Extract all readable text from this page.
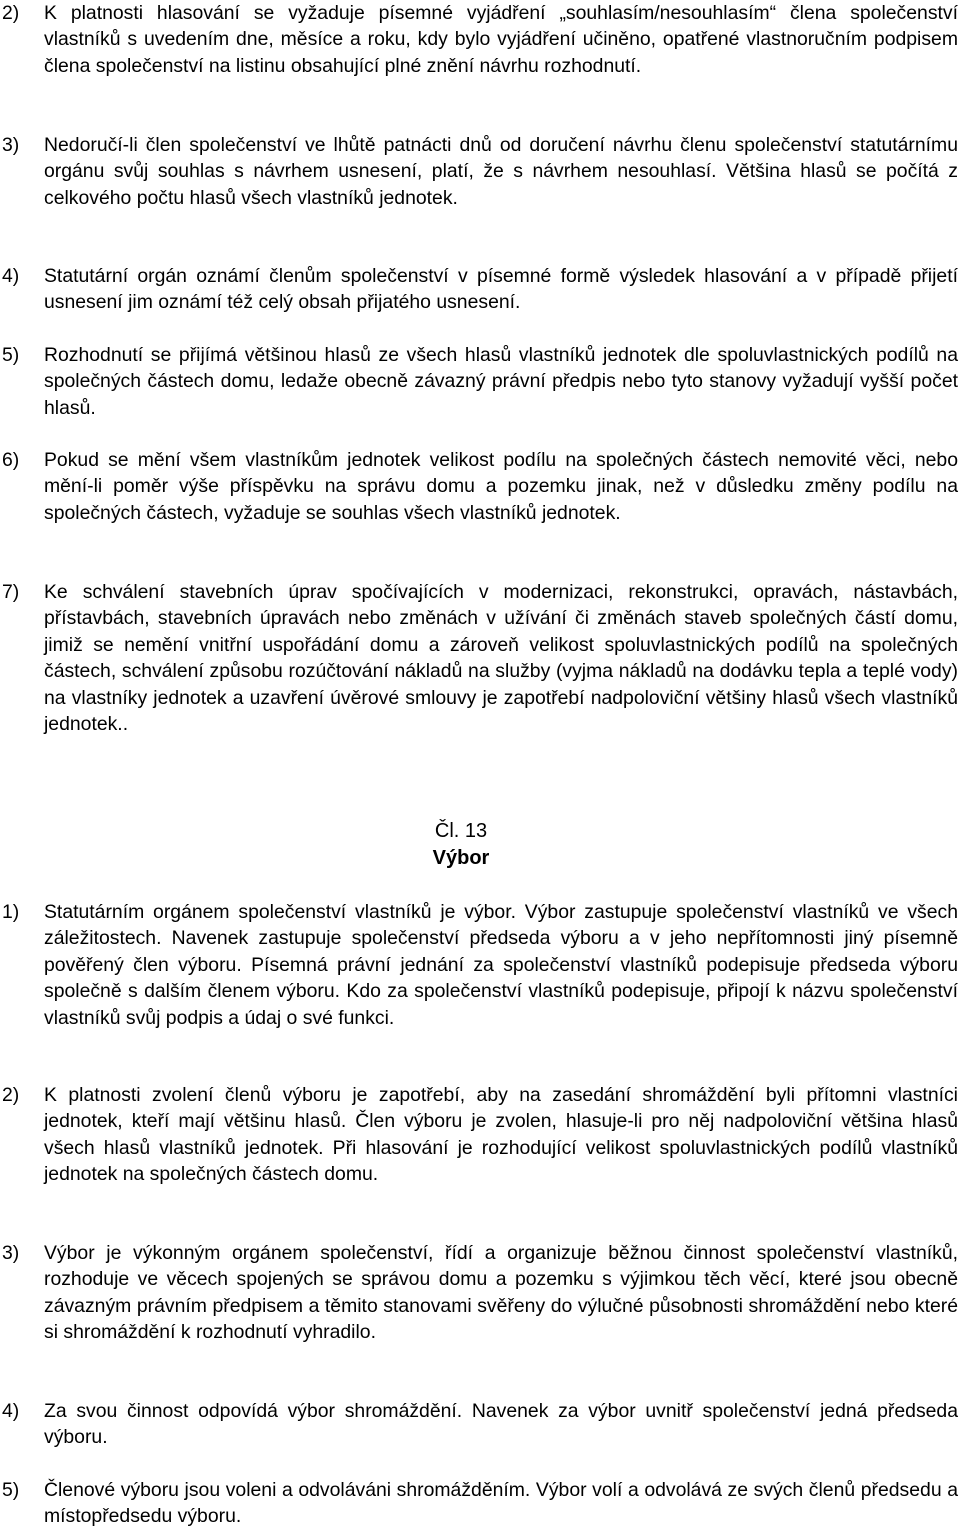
2) K platnosti hlasování se vyžaduje písemné vyjádření „souhlasím/nesouhlasím“ člena společenství vlastníků s uvedením dne, měsíce a roku, kdy bylo vyjádření učiněno, opatřené vlastnoručním podpisem člena společenství na listinu obsahující plné znění návrhu rozhodnutí.
3) Nedoručí-li člen společenství ve lhůtě patnácti dnů od doručení návrhu členu společenství statutárnímu orgánu svůj souhlas s návrhem usnesení, platí, že s návrhem nesouhlasí. Většina hlasů se počítá z celkového počtu hlasů všech vlastníků jednotek.
4) Statutární orgán oznámí členům společenství v písemné formě výsledek hlasování a v případě přijetí usnesení jim oznámí též celý obsah přijatého usnesení.
5) Rozhodnutí se přijímá většinou hlasů ze všech hlasů vlastníků jednotek dle spoluvlastnických podílů na společných částech domu, ledaže obecně závazný právní předpis nebo tyto stanovy vyžadují vyšší počet hlasů.
6) Pokud se mění všem vlastníkům jednotek velikost podílu na společných částech nemovité věci, nebo mění-li poměr výše příspěvku na správu domu a pozemku jinak, než v důsledku změny podílu na společných částech, vyžaduje se souhlas všech vlastníků jednotek.
7) Ke schválení stavebních úprav spočívajících v modernizaci, rekonstrukci, opravách, nástavbách, přístavbách, stavebních úpravách nebo změnách v užívání či změnách staveb společných částí domu, jimiž se nemění vnitřní uspořádání domu a zároveň velikost spoluvlastnických podílů na společných částech, schválení způsobu rozúčtování nákladů na služby (vyjma nákladů na dodávku tepla a teplé vody) na vlastníky jednotek a uzavření úvěrové smlouvy je zapotřebí nadpoloviční většiny hlasů všech vlastníků jednotek..
Čl. 13
Výbor
1) Statutárním orgánem společenství vlastníků je výbor. Výbor zastupuje společenství vlastníků ve všech záležitostech. Navenek zastupuje společenství předseda výboru a v jeho nepřítomnosti jiný písemně pověřený člen výboru. Písemná právní jednání za společenství vlastníků podepisuje předseda výboru společně s dalším členem výboru. Kdo za společenství vlastníků podepisuje, připojí k názvu společenství vlastníků svůj podpis a údaj o své funkci.
2) K platnosti zvolení členů výboru je zapotřebí, aby na zasedání shromáždění byli přítomni vlastníci jednotek, kteří mají většinu hlasů. Člen výboru je zvolen, hlasuje-li pro něj nadpoloviční většina hlasů všech hlasů vlastníků jednotek. Při hlasování je rozhodující velikost spoluvlastnických podílů vlastníků jednotek na společných částech domu.
3) Výbor je výkonným orgánem společenství, řídí a organizuje běžnou činnost společenství vlastníků, rozhoduje ve věcech spojených se správou domu a pozemku s výjimkou těch věcí, které jsou obecně závazným právním předpisem a těmito stanovami svěřeny do výlučné působnosti shromáždění nebo které si shromáždění k rozhodnutí vyhradilo.
4) Za svou činnost odpovídá výbor shromáždění. Navenek za výbor uvnitř společenství jedná předseda výboru.
5) Členové výboru jsou voleni a odvoláváni shromážděním. Výbor volí a odvolává ze svých členů předsedu a místopředsedu výboru.
